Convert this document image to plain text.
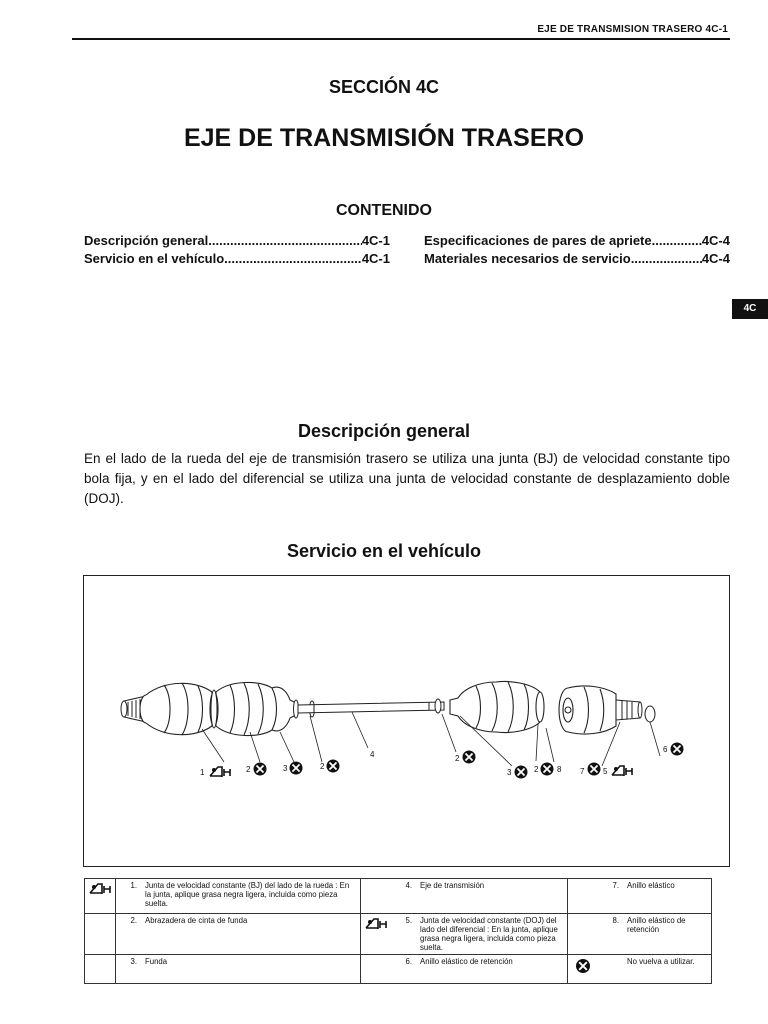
EJE DE TRANSMISION TRASERO 4C-1
SECCIÓN 4C
EJE DE TRANSMISIÓN TRASERO
CONTENIDO
Descripción general .....	4C-1
Servicio en el vehículo .....	4C-1
Especificaciones de pares de apriete .....	4C-4
Materiales necesarios de servicio .....	4C-4
4C
Descripción general
En el lado de la rueda del eje de transmisión trasero se utiliza una junta (BJ) de velocidad constante tipo bola fija, y en el lado del diferencial se utiliza una junta de velocidad constante de desplazamiento doble (DOJ).
Servicio en el vehículo
1	2	3	2
4	2
3	2 8 7 5
6

1. Junta de velocidad constante (BJ) del lado de la rueda : En la junta, aplique grasa negra ligera, incluida como pieza suelta.		4. Eje de transmisión		7. Anillo elástico

	2. Abrazadera de cinta de funda		5. Junta de velocidad constante (DOJ) del lado del diferencial : En la junta, aplique grasa negra ligera, incluida como pieza suelta.		8. Anillo elástico de retención

	3. Funda		6. Anillo elástico de retención		No vuelva a utilizar.
